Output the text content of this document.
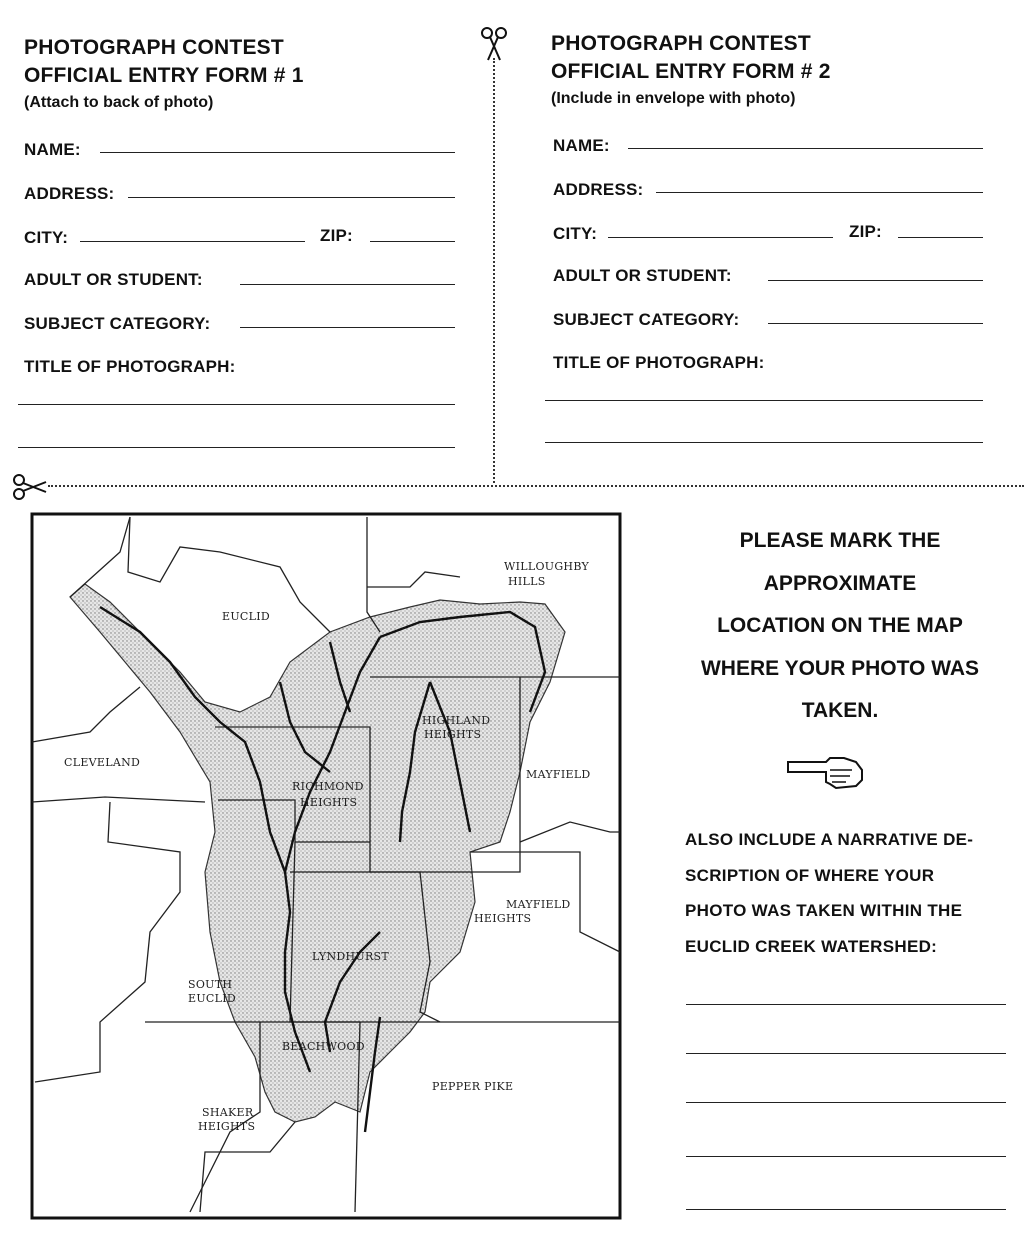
PHOTOGRAPH CONTEST
OFFICIAL ENTRY FORM # 1
(Attach to back of photo)
NAME:
ADDRESS:
CITY:	ZIP:
ADULT OR STUDENT:
SUBJECT CATEGORY:
TITLE OF PHOTOGRAPH:
PHOTOGRAPH CONTEST
OFFICIAL ENTRY FORM # 2
(Include in envelope with photo)
NAME:
ADDRESS:
CITY:	ZIP:
ADULT OR STUDENT:
SUBJECT CATEGORY:
TITLE OF PHOTOGRAPH:
EUCLID
WILLOUGHBY
HILLS
CLEVELAND
RICHMOND
HEIGHTS
HIGHLAND
HEIGHTS
MAYFIELD
MAYFIELD
HEIGHTS
LYNDHURST
SOUTH
EUCLID
BEACHWOOD
PEPPER PIKE
SHAKER
HEIGHTS
PLEASE MARK THE
APPROXIMATE
LOCATION ON THE MAP
WHERE YOUR PHOTO WAS
TAKEN.
ALSO INCLUDE A NARRATIVE DE-
SCRIPTION OF WHERE YOUR
PHOTO WAS TAKEN WITHIN THE
EUCLID CREEK WATERSHED:
